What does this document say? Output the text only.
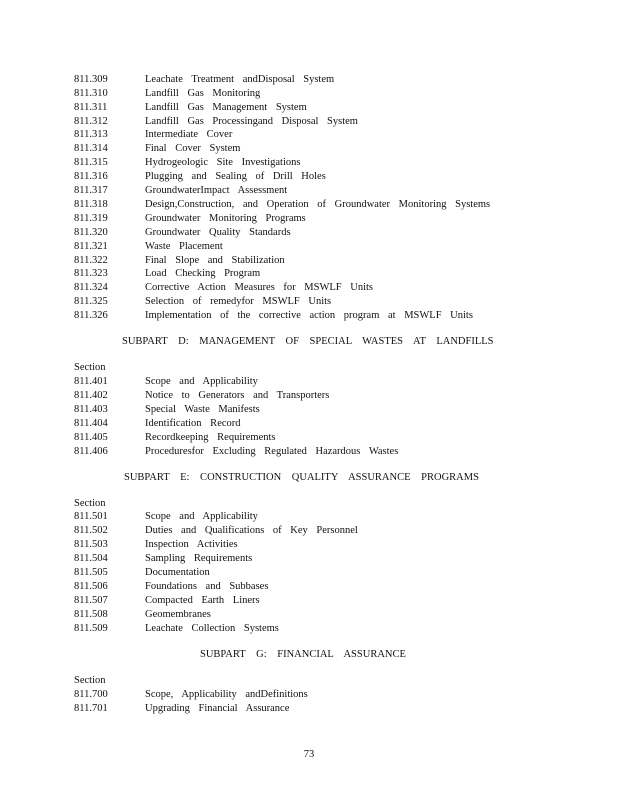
811.309	Leachate Treatment andDisposal System
811.310	Landfill Gas Monitoring
811.311	Landfill Gas Management System
811.312	Landfill Gas Processingand Disposal System
811.313	Intermediate Cover
811.314	Final Cover System
811.315	Hydrogeologic Site Investigations
811.316	Plugging and Sealing of Drill Holes
811.317	GroundwaterImpact Assessment
811.318	Design,Construction, and Operation of Groundwater Monitoring Systems
811.319	Groundwater Monitoring Programs
811.320	Groundwater Quality Standards
811.321	Waste Placement
811.322	Final Slope and Stabilization
811.323	Load Checking Program
811.324	Corrective Action Measures for MSWLF Units
811.325	Selection of remedyfor MSWLF Units
811.326	Implementation of the corrective action program at MSWLF Units
SUBPART D: MANAGEMENT OF SPECIAL WASTES AT LANDFILLS
Section
811.401	Scope and Applicability
811.402	Notice to Generators and Transporters
811.403	Special Waste Manifests
811.404	Identification Record
811.405	Recordkeeping Requirements
811.406	Proceduresfor Excluding Regulated Hazardous Wastes
SUBPART E: CONSTRUCTION QUALITY ASSURANCE PROGRAMS
Section
811.501	Scope and Applicability
811.502	Duties and Qualifications of Key Personnel
811.503	Inspection Activities
811.504	Sampling Requirements
811.505	Documentation
811.506	Foundations and Subbases
811.507	Compacted Earth Liners
811.508	Geomembranes
811.509	Leachate Collection Systems
SUBPART G: FINANCIAL ASSURANCE
Section
811.700	Scope, Applicability andDefinitions
811.701	Upgrading Financial Assurance
73
